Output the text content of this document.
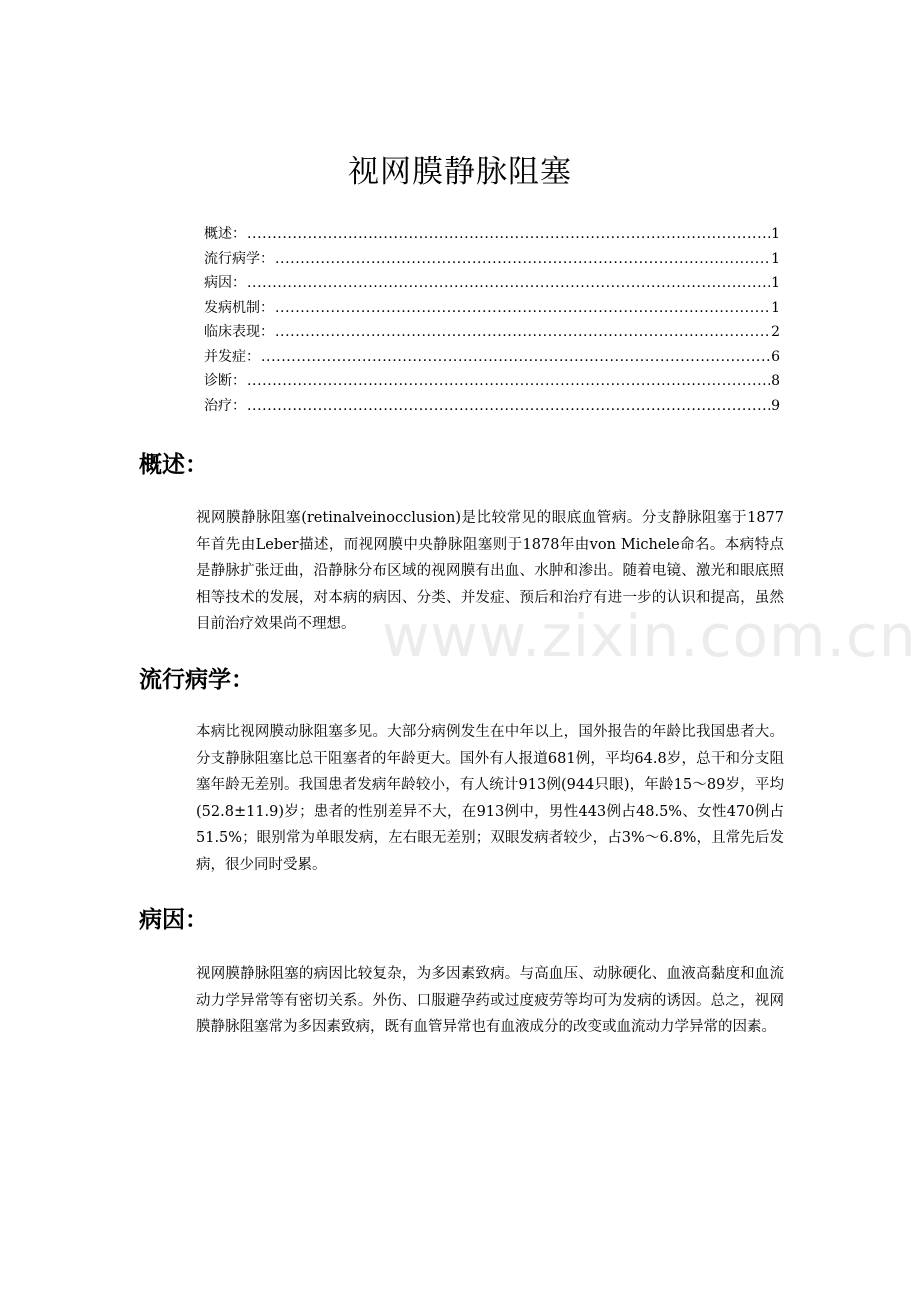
视网膜静脉阻塞
概述： .....	1
流行病学： .....	1
病因： .....	1
发病机制： .....	1
临床表现： .....	2
并发症： .....	6
诊断： .....	8
治疗： .....	9
概述：

视网膜静脉阻塞(retinalveinocclusion)是比较常见的眼底血管病。分支静脉阻塞于1877年首先由Leber描述，而视网膜中央静脉阻塞则于1878年由von Michele命名。本病特点是静脉扩张迂曲，沿静脉分布区域的视网膜有出血、水肿和渗出。随着电镜、激光和眼底照相等技术的发展，对本病的病因、分类、并发症、预后和治疗有进一步的认识和提高，虽然目前治疗效果尚不理想。

流行病学：

本病比视网膜动脉阻塞多见。大部分病例发生在中年以上，国外报告的年龄比我国患者大。分支静脉阻塞比总干阻塞者的年龄更大。国外有人报道681例，平均64.8岁，总干和分支阻塞年龄无差别。我国患者发病年龄较小，有人统计913例(944只眼)，年龄15～89岁，平均(52.8±11.9)岁；患者的性别差异不大，在913例中，男性443例占48.5%、女性470例占51.5%；眼别常为单眼发病，左右眼无差别；双眼发病者较少，占3%～6.8%，且常先后发病，很少同时受累。

病因：

视网膜静脉阻塞的病因比较复杂，为多因素致病。与高血压、动脉硬化、血液高黏度和血流动力学异常等有密切关系。外伤、口服避孕药或过度疲劳等均可为发病的诱因。总之，视网膜静脉阻塞常为多因素致病，既有血管异常也有血液成分的改变或血流动力学异常的因素。

www.zixin.com.cn
